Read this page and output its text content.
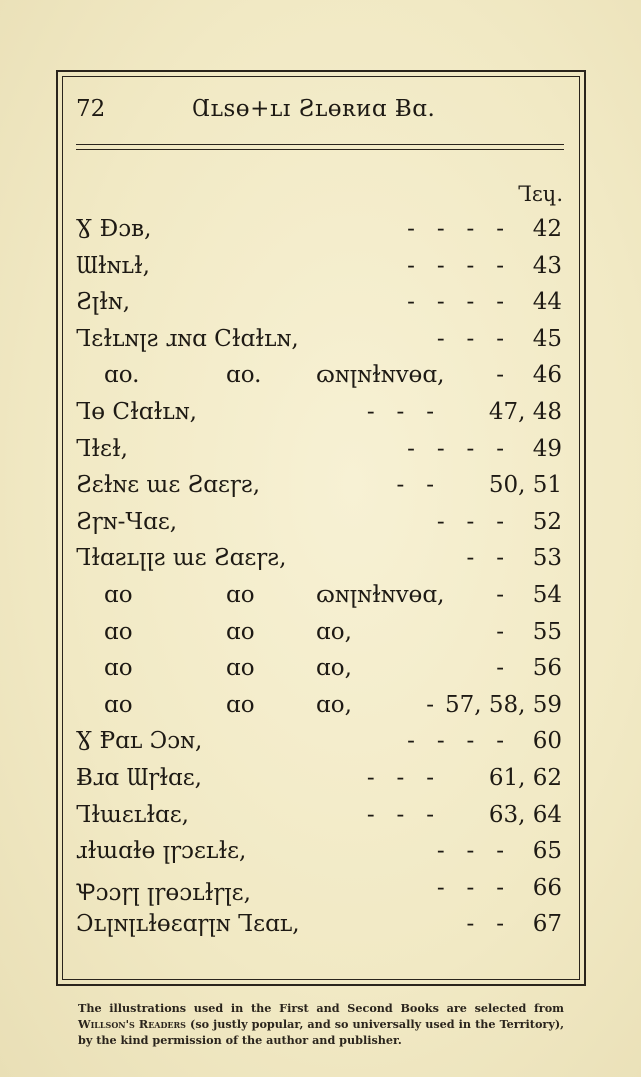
72	Ɑʟꜱɵ+ʟɪ Ꙅʟɵʀᴎɑ Ƀɑ.
Ꞁɛɥ.
Ɣ Ɖɔʙ,	-   -   -   - 42
Ɯɫɴʟɫ,	-   -   -   - 43
Ꙅꞁɫɴ,	-   -   -   - 44
Ꞁɛɫʟɴꞁꙅ ɹɴɑ Ϲɫɑɫʟɴ,	-   -   - 45
ɑo.	ɑo. ɷɴꞁɴɫɴvɵɑ, - 46
Ꞁɵ Ϲɫɑɫʟɴ,	-   -   - 47, 48
Ꞁɫɛɫ,	-   -   -   - 49
Ꙅɛɫɴɛ ɯɛ Ꙅɑɛꞅꙅ,	-   - 50, 51
Ꙅꞅɴ-Ɥɑɛ,	-   -   - 52
Ꞁɫɑꙅʟꞁꞁꙅ ɯɛ Ꙅɑɛꞅꙅ,	-   - 53
ɑo	ɑo	ɷɴꞁɴɫɴvɵɑ, - 54
ɑo	ɑo	ɑo,	- 55
ɑo	ɑo	ɑo,	- 56
ɑo	ɑo	ɑo,	- 57, 58, 59
Ɣ Ᵽɑʟ Ɔɔɴ,	-   -   -   - 60
Ƀɹɑ Ɯꞅɫɑɛ,	-   -   - 61, 62
Ꞁɫɯɛʟɫɑɛ,	-   -   - 63, 64
ɹɫɯɑɫɵ ꞁꞅɔɛʟɫɛ,	-   -   - 65
Ꝕɔɔꞅꞁ ꞁꞅɵɔʟɫꞅꞁɛ,	-   -   - 66
Ɔʟꞁɴꞁʟɫɵɛɑꞅꞁɴ Ꞁɛɑʟ,	-   - 67
The illustrations used in the First and Second Books are selected from Willson's Readers (so justly popular, and so universally used in the Territory), by the kind permission of the author and publisher.
